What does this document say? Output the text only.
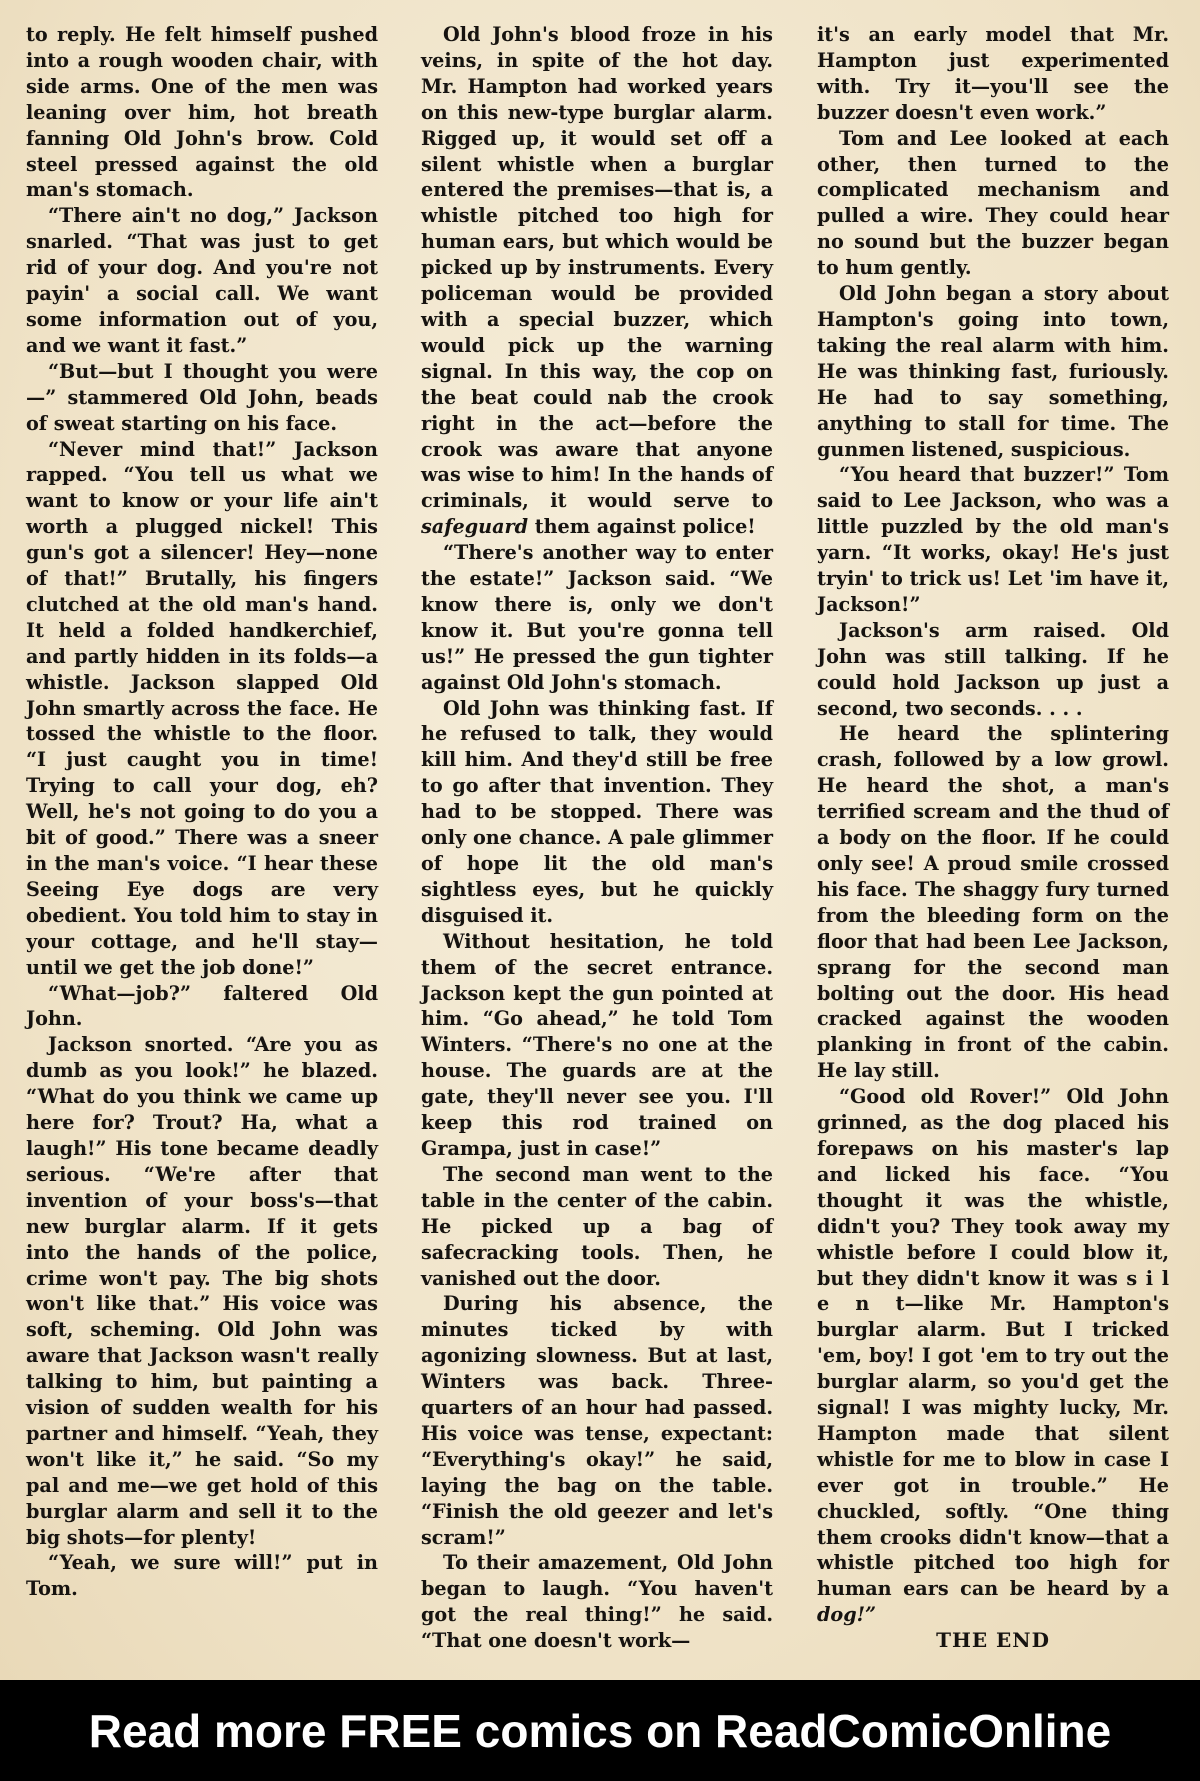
to reply. He felt himself pushed into a rough wooden chair, with side arms. One of the men was leaning over him, hot breath fanning Old John's brow. Cold steel pressed against the old man's stomach.

“There ain't no dog,” Jackson snarled. “That was just to get rid of your dog. And you're not payin' a social call. We want some information out of you, and we want it fast.”

“But—but I thought you were—” stammered Old John, beads of sweat starting on his face.

“Never mind that!” Jackson rapped. “You tell us what we want to know or your life ain't worth a plugged nickel! This gun's got a silencer! Hey—none of that!” Brutally, his fingers clutched at the old man's hand. It held a folded handkerchief, and partly hidden in its folds—a whistle. Jackson slapped Old John smartly across the face. He tossed the whistle to the floor. “I just caught you in time! Trying to call your dog, eh? Well, he's not going to do you a bit of good.” There was a sneer in the man's voice. “I hear these Seeing Eye dogs are very obedient. You told him to stay in your cottage, and he'll stay—until we get the job done!”

“What—job?” faltered Old John.

Jackson snorted. “Are you as dumb as you look!” he blazed. “What do you think we came up here for? Trout? Ha, what a laugh!” His tone became deadly serious. “We're after that invention of your boss's—that new burglar alarm. If it gets into the hands of the police, crime won't pay. The big shots won't like that.” His voice was soft, scheming. Old John was aware that Jackson wasn't really talking to him, but painting a vision of sudden wealth for his partner and himself. “Yeah, they won't like it,” he said. “So my pal and me—we get hold of this burglar alarm and sell it to the big shots—for plenty!

“Yeah, we sure will!” put in Tom.

Old John's blood froze in his veins, in spite of the hot day. Mr. Hampton had worked years on this new-type burglar alarm. Rigged up, it would set off a silent whistle when a burglar entered the premises—that is, a whistle pitched too high for human ears, but which would be picked up by instruments. Every policeman would be provided with a special buzzer, which would pick up the warning signal. In this way, the cop on the beat could nab the crook right in the act—before the crook was aware that anyone was wise to him! In the hands of criminals, it would serve to safeguard them against police!

“There's another way to enter the estate!” Jackson said. “We know there is, only we don't know it. But you're gonna tell us!” He pressed the gun tighter against Old John's stomach.

Old John was thinking fast. If he refused to talk, they would kill him. And they'd still be free to go after that invention. They had to be stopped. There was only one chance. A pale glimmer of hope lit the old man's sightless eyes, but he quickly disguised it.

Without hesitation, he told them of the secret entrance. Jackson kept the gun pointed at him. “Go ahead,” he told Tom Winters. “There's no one at the house. The guards are at the gate, they'll never see you. I'll keep this rod trained on Grampa, just in case!”

The second man went to the table in the center of the cabin. He picked up a bag of safecracking tools. Then, he vanished out the door.

During his absence, the minutes ticked by with agonizing slowness. But at last, Winters was back. Three-quarters of an hour had passed. His voice was tense, expectant: “Everything's okay!” he said, laying the bag on the table. “Finish the old geezer and let's scram!”

To their amazement, Old John began to laugh. “You haven't got the real thing!” he said. “That one doesn't work—

it's an early model that Mr. Hampton just experimented with. Try it—you'll see the buzzer doesn't even work.”

Tom and Lee looked at each other, then turned to the complicated mechanism and pulled a wire. They could hear no sound but the buzzer began to hum gently.

Old John began a story about Hampton's going into town, taking the real alarm with him. He was thinking fast, furiously. He had to say something, anything to stall for time. The gunmen listened, suspicious.

“You heard that buzzer!” Tom said to Lee Jackson, who was a little puzzled by the old man's yarn. “It works, okay! He's just tryin' to trick us! Let 'im have it, Jackson!”

Jackson's arm raised. Old John was still talking. If he could hold Jackson up just a second, two seconds. . . .

He heard the splintering crash, followed by a low growl. He heard the shot, a man's terrified scream and the thud of a body on the floor. If he could only see! A proud smile crossed his face. The shaggy fury turned from the bleeding form on the floor that had been Lee Jackson, sprang for the second man bolting out the door. His head cracked against the wooden planking in front of the cabin. He lay still.

“Good old Rover!” Old John grinned, as the dog placed his forepaws on his master's lap and licked his face. “You thought it was the whistle, didn't you? They took away my whistle before I could blow it, but they didn't know it was s i l e n t—like Mr. Hampton's burglar alarm. But I tricked 'em, boy! I got 'em to try out the burglar alarm, so you'd get the signal! I was mighty lucky, Mr. Hampton made that silent whistle for me to blow in case I ever got in trouble.” He chuckled, softly. “One thing them crooks didn't know—that a whistle pitched too high for human ears can be heard by a dog!”

THE END

Read more FREE comics on ReadComicOnline
